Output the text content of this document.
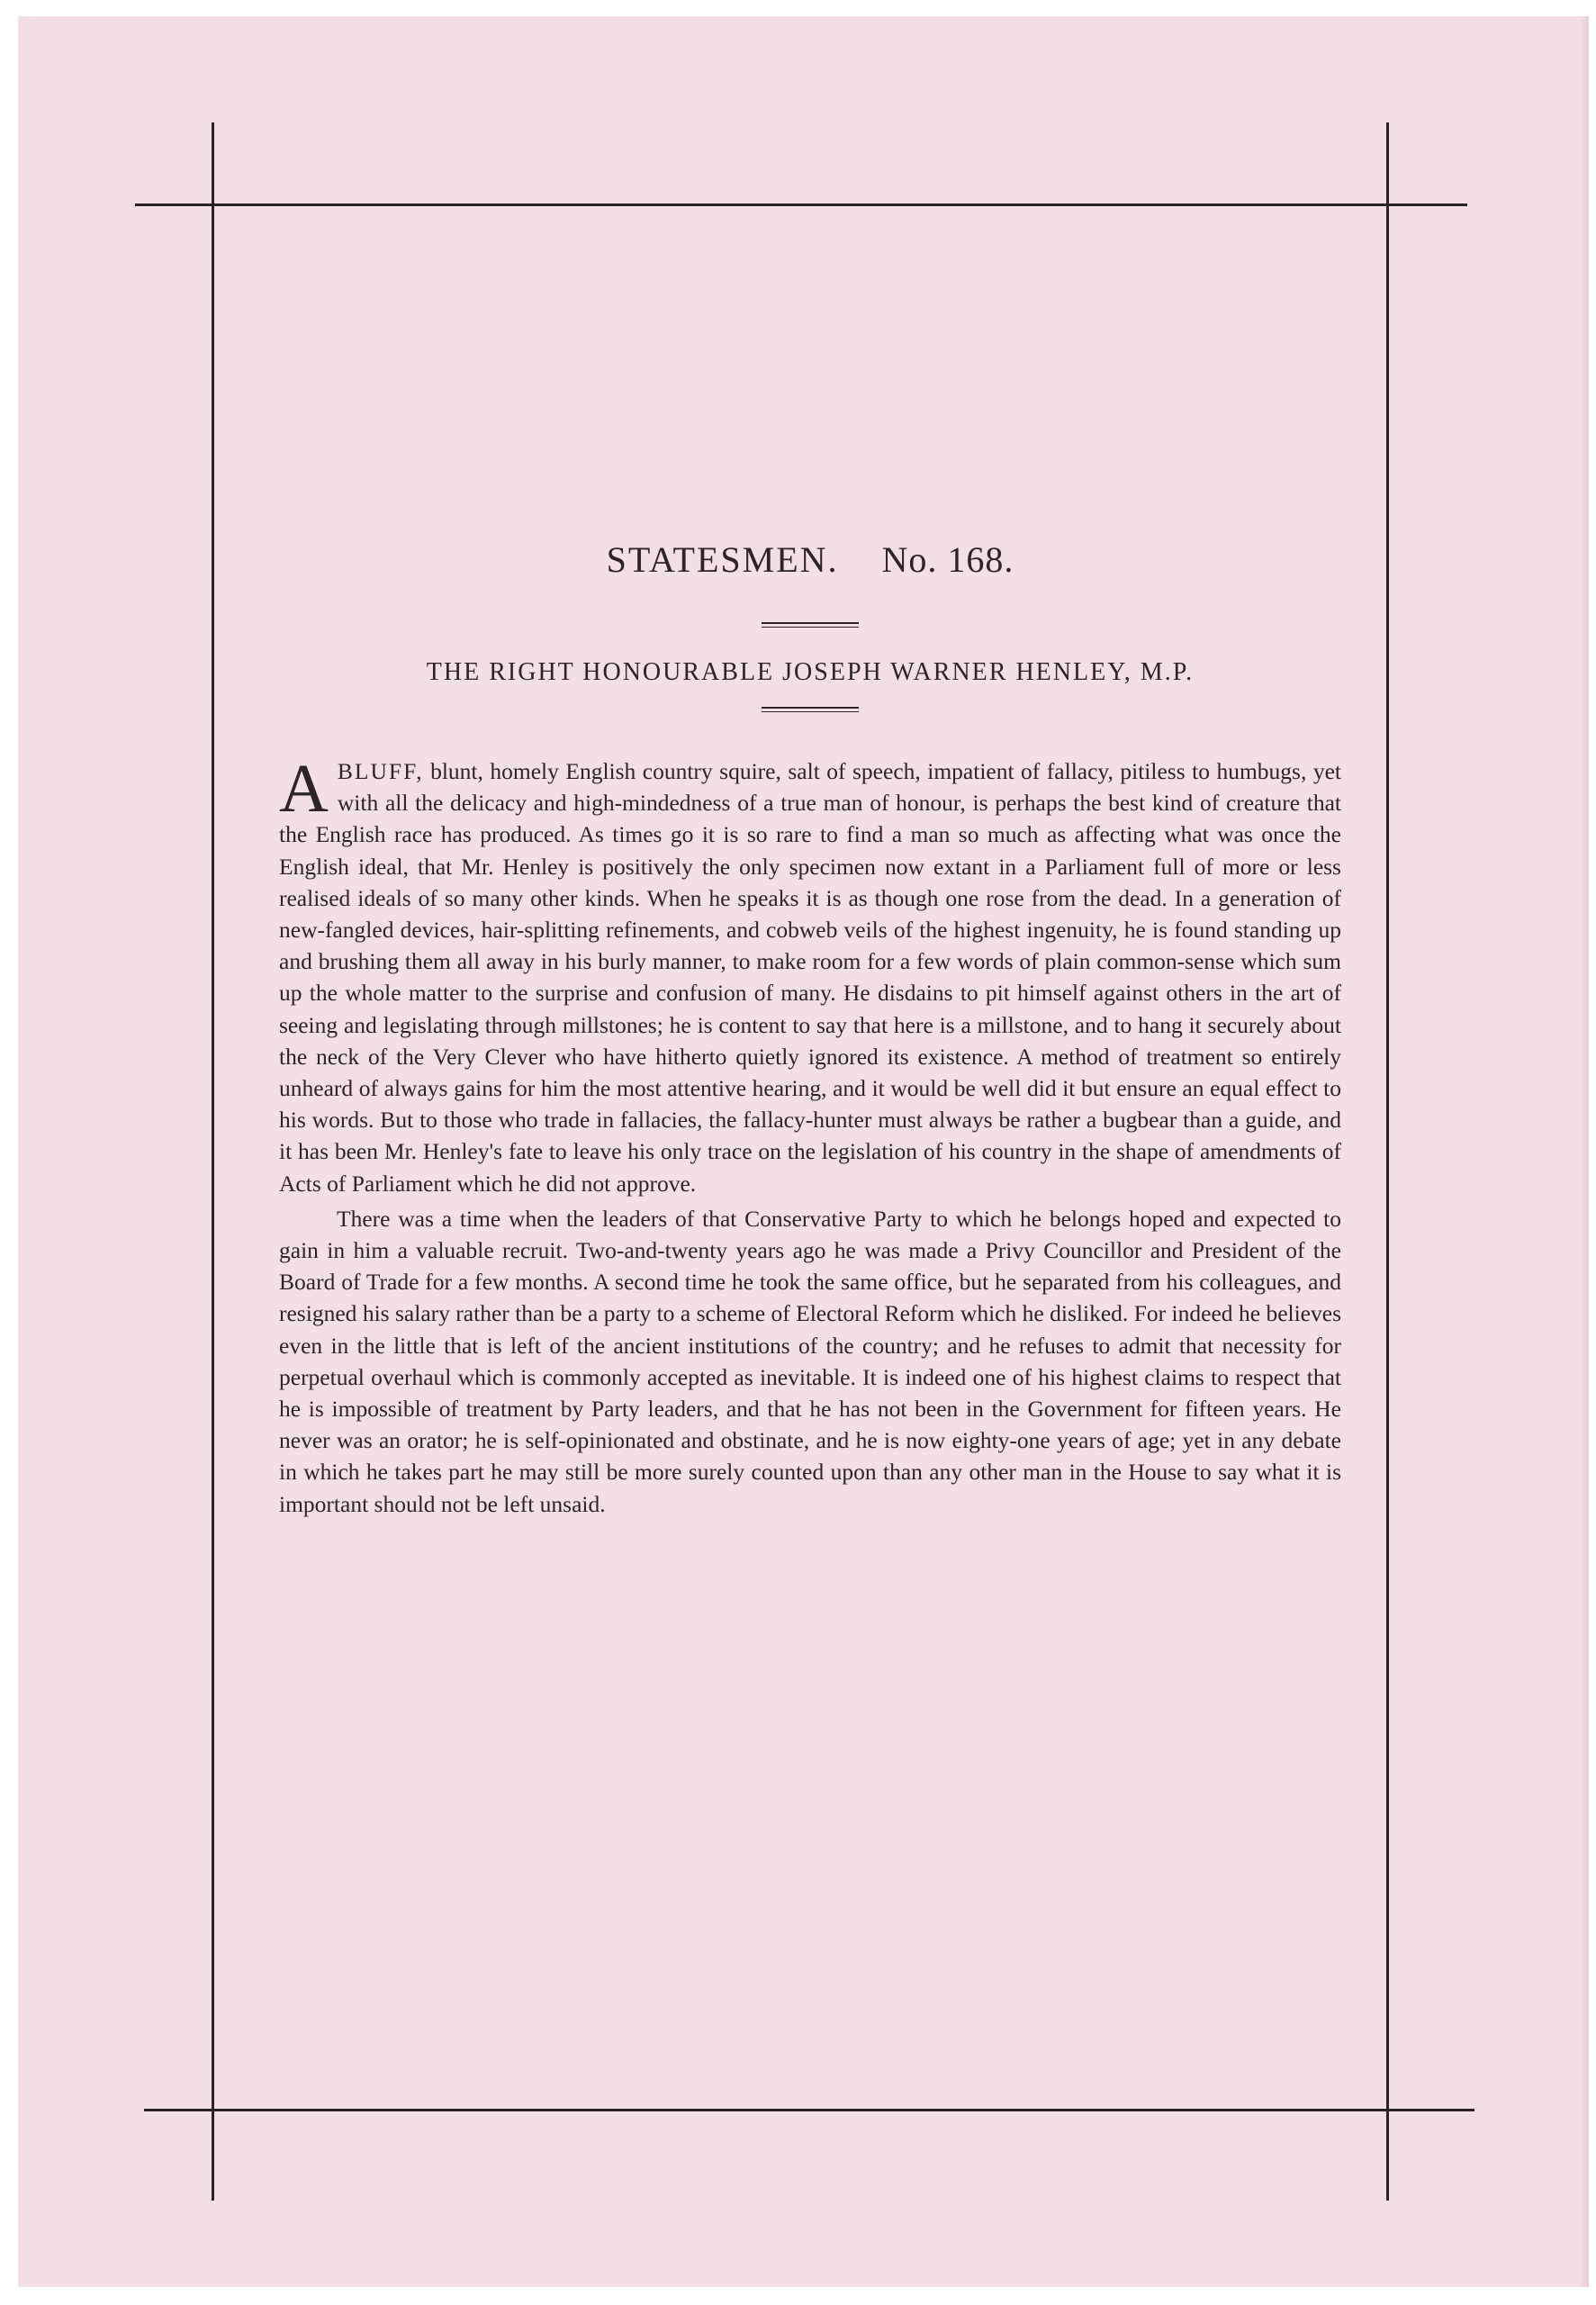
STATESMEN. No. 168.
THE RIGHT HONOURABLE JOSEPH WARNER HENLEY, M.P.

ABLUFF, blunt, homely English country squire, salt of speech, impatient of fallacy, pitiless to humbugs, yet with all the delicacy and high-mindedness of a true man of honour, is perhaps the best kind of creature that the English race has produced. As times go it is so rare to find a man so much as affecting what was once the English ideal, that Mr. Henley is positively the only specimen now extant in a Parliament full of more or less realised ideals of so many other kinds. When he speaks it is as though one rose from the dead. In a generation of new-fangled devices, hair-splitting refinements, and cobweb veils of the highest ingenuity, he is found standing up and brushing them all away in his burly manner, to make room for a few words of plain common-sense which sum up the whole matter to the surprise and confusion of many. He disdains to pit himself against others in the art of seeing and legislating through millstones; he is content to say that here is a millstone, and to hang it securely about the neck of the Very Clever who have hitherto quietly ignored its existence. A method of treatment so entirely unheard of always gains for him the most attentive hearing, and it would be well did it but ensure an equal effect to his words. But to those who trade in fallacies, the fallacy-hunter must always be rather a bugbear than a guide, and it has been Mr. Henley's fate to leave his only trace on the legislation of his country in the shape of amendments of Acts of Parliament which he did not approve.

There was a time when the leaders of that Conservative Party to which he belongs hoped and expected to gain in him a valuable recruit. Two-and-twenty years ago he was made a Privy Councillor and President of the Board of Trade for a few months. A second time he took the same office, but he separated from his colleagues, and resigned his salary rather than be a party to a scheme of Electoral Reform which he disliked. For indeed he believes even in the little that is left of the ancient institutions of the country; and he refuses to admit that necessity for perpetual overhaul which is commonly accepted as inevitable. It is indeed one of his highest claims to respect that he is impossible of treatment by Party leaders, and that he has not been in the Government for fifteen years. He never was an orator; he is self-opinionated and obstinate, and he is now eighty-one years of age; yet in any debate in which he takes part he may still be more surely counted upon than any other man in the House to say what it is important should not be left unsaid.
